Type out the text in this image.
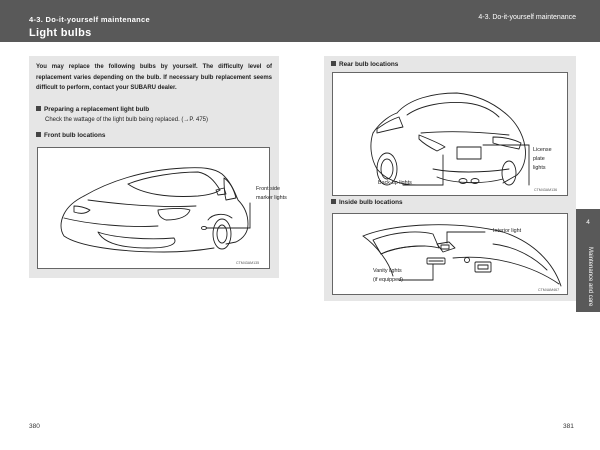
4-3. Do-it-yourself maintenance
Light bulbs
4-3. Do-it-yourself maintenance

You may replace the following bulbs by yourself. The difficulty level of replacement varies depending on the bulb. If necessary bulb replacement seems difficult to perform, contact your SUBARU dealer.

Preparing a replacement light bulb
Check the wattage of the light bulb being replaced. (→P. 475)
Front bulb locations
Front side
marker lights
CTM43AM135
Rear bulb locations
License
plate
lights
Back-up lights
CTM43AM136
Inside bulb locations
Interior light
Vanity lights
(if equipped)
CTM4AM467
4
Maintenance and care
380	381
